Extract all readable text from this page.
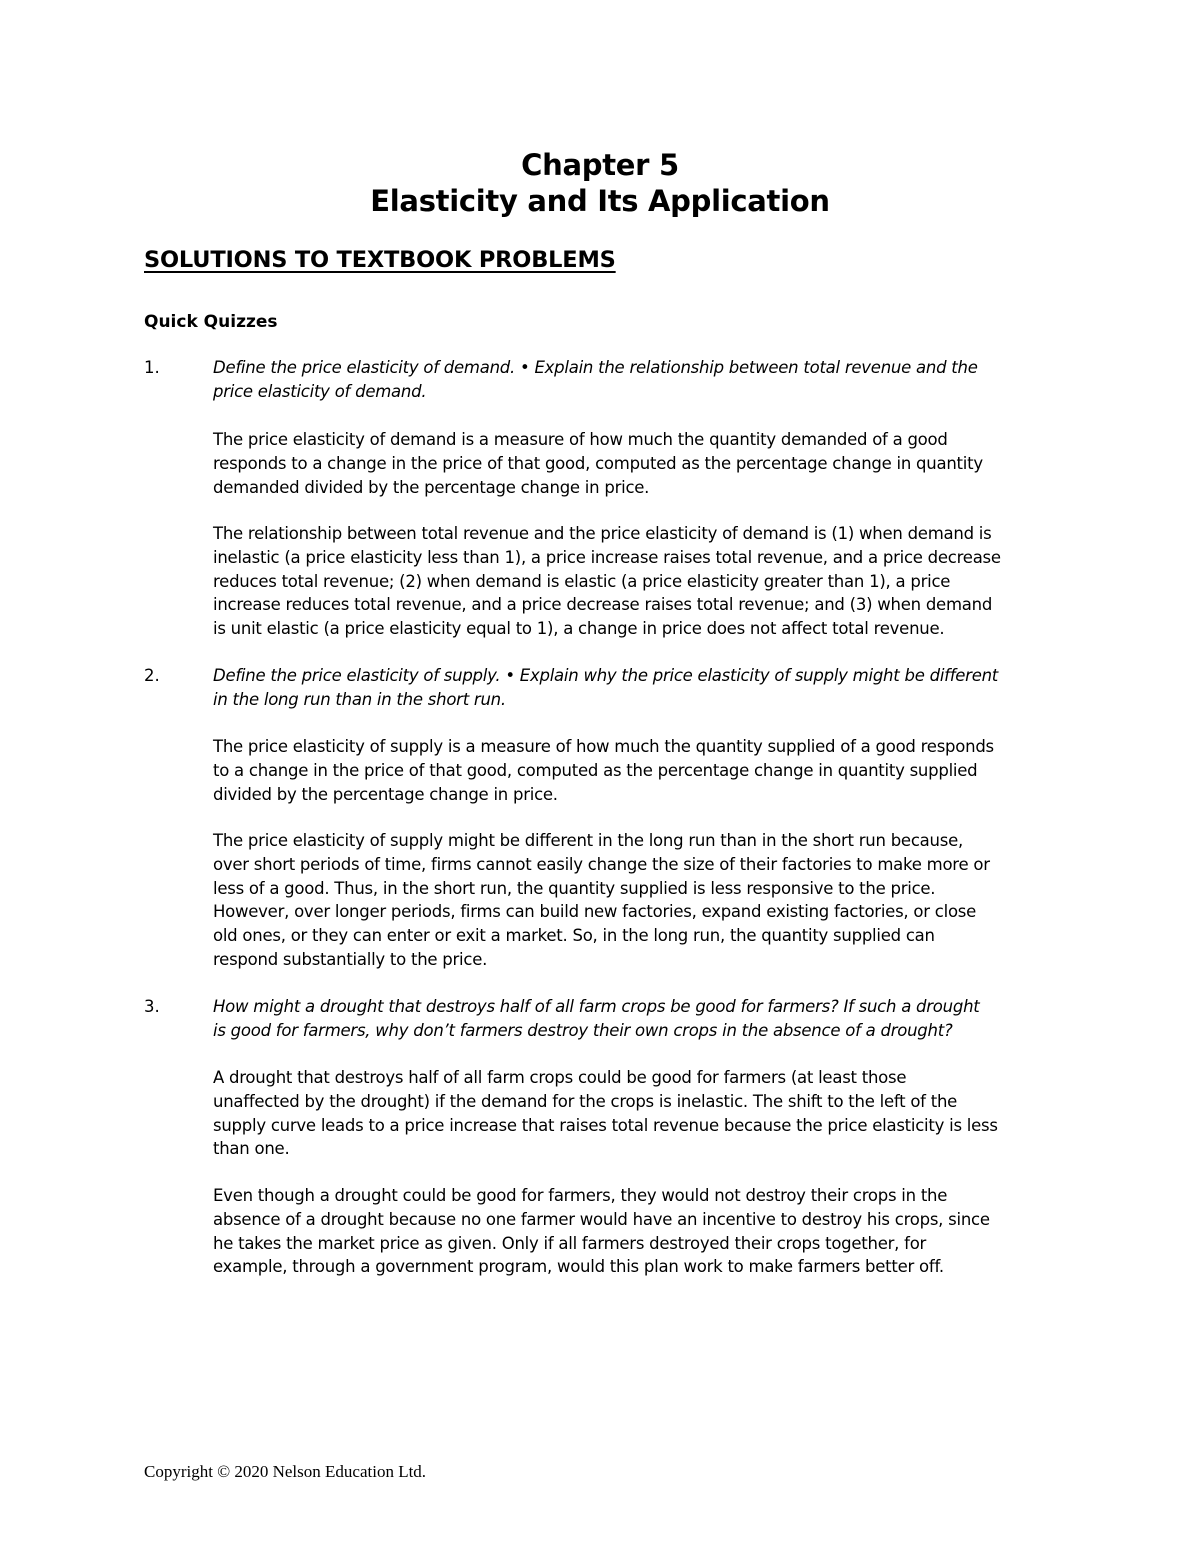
Chapter 5
Elasticity and Its Application
SOLUTIONS TO TEXTBOOK PROBLEMS
Quick Quizzes
1.	Define the price elasticity of demand. • Explain the relationship between total revenue and the
price elasticity of demand.
The price elasticity of demand is a measure of how much the quantity demanded of a good
responds to a change in the price of that good, computed as the percentage change in quantity
demanded divided by the percentage change in price.
The relationship between total revenue and the price elasticity of demand is (1) when demand is
inelastic (a price elasticity less than 1), a price increase raises total revenue, and a price decrease
reduces total revenue; (2) when demand is elastic (a price elasticity greater than 1), a price
increase reduces total revenue, and a price decrease raises total revenue; and (3) when demand
is unit elastic (a price elasticity equal to 1), a change in price does not affect total revenue.
2.	Define the price elasticity of supply. • Explain why the price elasticity of supply might be different
in the long run than in the short run.
The price elasticity of supply is a measure of how much the quantity supplied of a good responds
to a change in the price of that good, computed as the percentage change in quantity supplied
divided by the percentage change in price.
The price elasticity of supply might be different in the long run than in the short run because,
over short periods of time, firms cannot easily change the size of their factories to make more or
less of a good. Thus, in the short run, the quantity supplied is less responsive to the price.
However, over longer periods, firms can build new factories, expand existing factories, or close
old ones, or they can enter or exit a market. So, in the long run, the quantity supplied can
respond substantially to the price.
3.	How might a drought that destroys half of all farm crops be good for farmers? If such a drought
is good for farmers, why don’t farmers destroy their own crops in the absence of a drought?
A drought that destroys half of all farm crops could be good for farmers (at least those
unaffected by the drought) if the demand for the crops is inelastic. The shift to the left of the
supply curve leads to a price increase that raises total revenue because the price elasticity is less
than one.
Even though a drought could be good for farmers, they would not destroy their crops in the
absence of a drought because no one farmer would have an incentive to destroy his crops, since
he takes the market price as given. Only if all farmers destroyed their crops together, for
example, through a government program, would this plan work to make farmers better off.
Copyright © 2020 Nelson Education Ltd.
